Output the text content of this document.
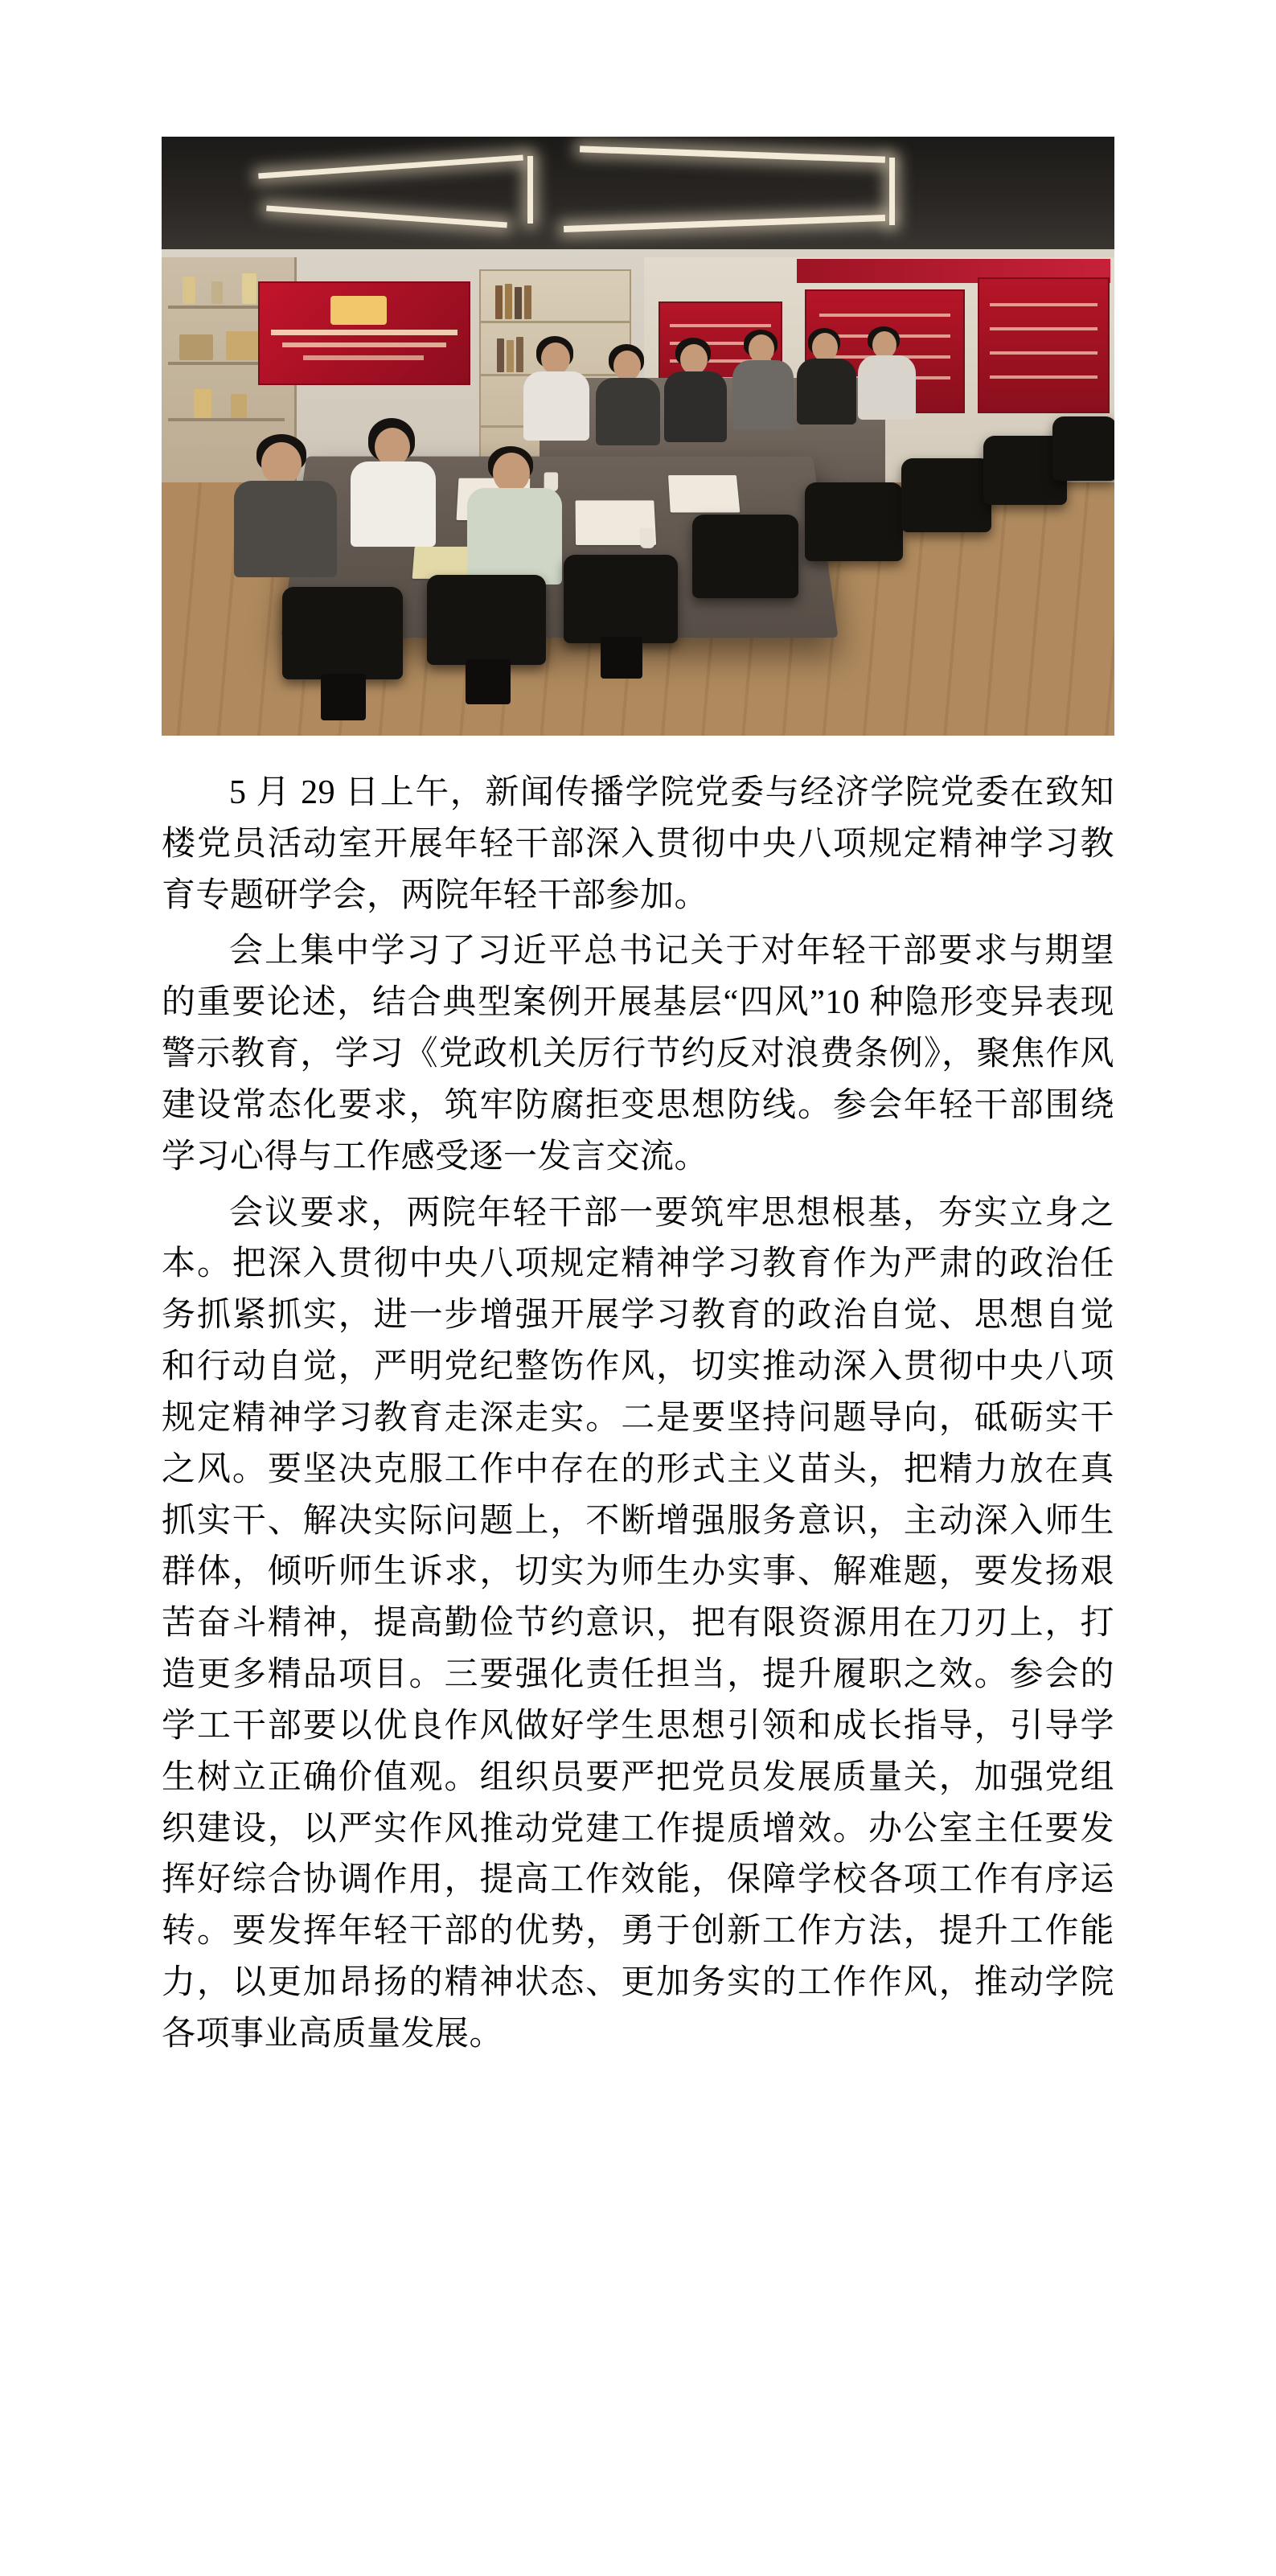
5 月 29 日上午，新闻传播学院党委与经济学院党委在致知楼党员活动室开展年轻干部深入贯彻中央八项规定精神学习教育专题研学会，两院年轻干部参加。

会上集中学习了习近平总书记关于对年轻干部要求与期望的重要论述，结合典型案例开展基层“四风”10 种隐形变异表现警示教育，学习《党政机关厉行节约反对浪费条例》，聚焦作风建设常态化要求，筑牢防腐拒变思想防线。参会年轻干部围绕学习心得与工作感受逐一发言交流。

会议要求，两院年轻干部一要筑牢思想根基，夯实立身之本。把深入贯彻中央八项规定精神学习教育作为严肃的政治任务抓紧抓实，进一步增强开展学习教育的政治自觉、思想自觉和行动自觉，严明党纪整饬作风，切实推动深入贯彻中央八项规定精神学习教育走深走实。二是要坚持问题导向，砥砺实干之风。要坚决克服工作中存在的形式主义苗头，把精力放在真抓实干、解决实际问题上，不断增强服务意识，主动深入师生群体，倾听师生诉求，切实为师生办实事、解难题，要发扬艰苦奋斗精神，提高勤俭节约意识，把有限资源用在刀刃上，打造更多精品项目。三要强化责任担当，提升履职之效。参会的学工干部要以优良作风做好学生思想引领和成长指导，引导学生树立正确价值观。组织员要严把党员发展质量关，加强党组织建设，以严实作风推动党建工作提质增效。办公室主任要发挥好综合协调作用，提高工作效能，保障学校各项工作有序运转。要发挥年轻干部的优势，勇于创新工作方法，提升工作能力，以更加昂扬的精神状态、更加务实的工作作风，推动学院各项事业高质量发展。
